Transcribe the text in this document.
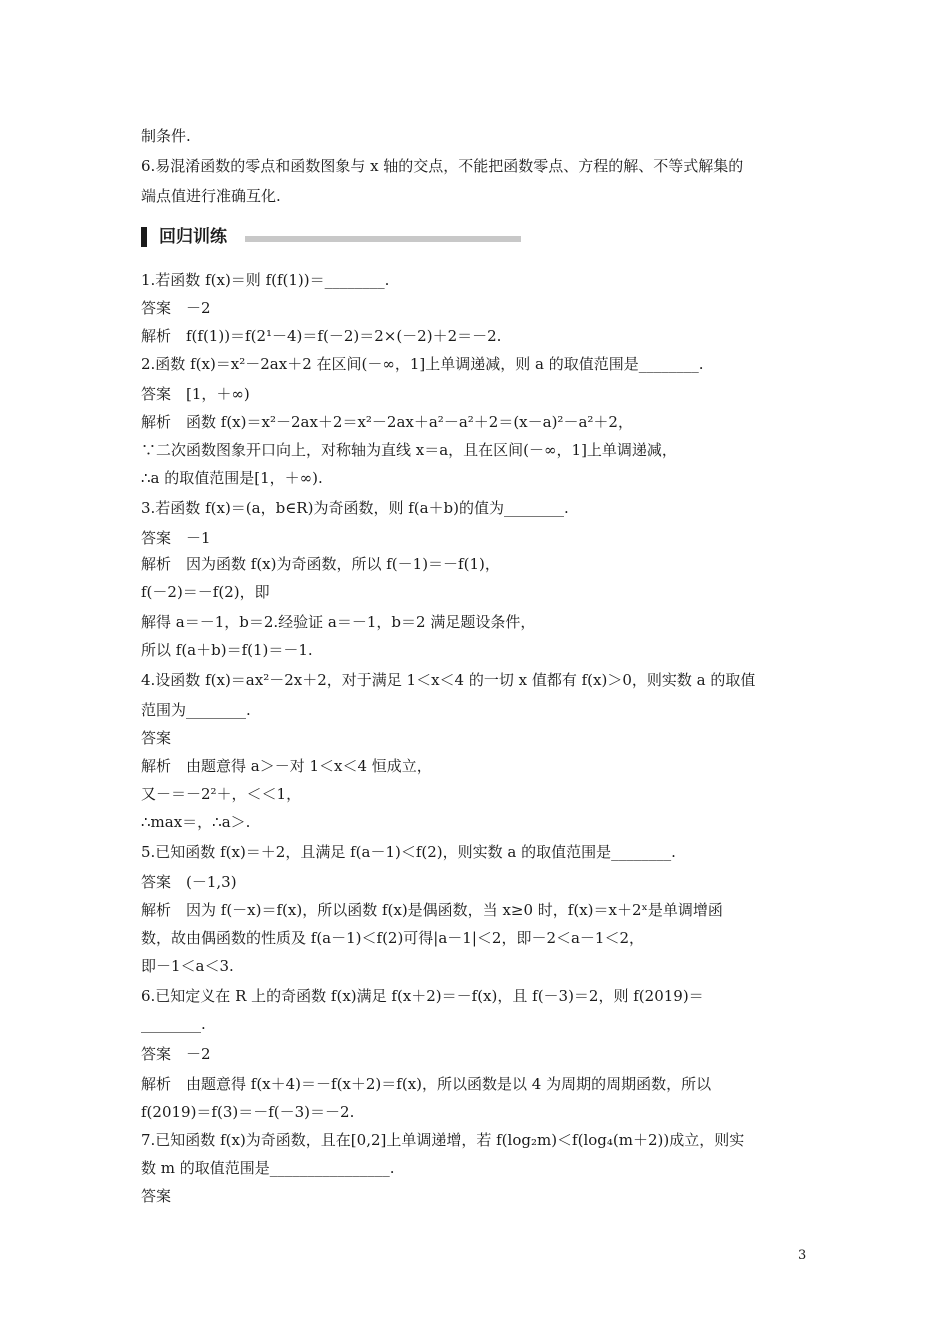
制条件.
6.易混淆函数的零点和函数图象与 x 轴的交点，不能把函数零点、方程的解、不等式解集的
端点值进行准确互化.
1.若函数 f(x)＝则 f(f(1))＝________.
答案　－2
解析　f(f(1))＝f(2¹－4)＝f(－2)＝2×(－2)＋2＝－2.
2.函数 f(x)＝x²－2ax＋2 在区间(－∞，1]上单调递减，则 a 的取值范围是________.
答案　[1，＋∞)
解析　函数 f(x)＝x²－2ax＋2＝x²－2ax＋a²－a²＋2＝(x－a)²－a²＋2，
∵二次函数图象开口向上，对称轴为直线 x＝a，且在区间(－∞，1]上单调递减，
∴a 的取值范围是[1，＋∞).
3.若函数 f(x)＝(a，b∈R)为奇函数，则 f(a＋b)的值为________.
答案　－1
解析　因为函数 f(x)为奇函数，所以 f(－1)＝－f(1)，
f(－2)＝－f(2)，即
解得 a＝－1，b＝2.经验证 a＝－1，b＝2 满足题设条件，
所以 f(a＋b)＝f(1)＝－1.
4.设函数 f(x)＝ax²－2x＋2，对于满足 1＜x＜4 的一切 x 值都有 f(x)＞0，则实数 a 的取值
范围为________.
答案
解析　由题意得 a＞－对 1＜x＜4 恒成立，
又－＝－2²＋，＜＜1，
∴max＝，∴a＞.
5.已知函数 f(x)＝＋2，且满足 f(a－1)＜f(2)，则实数 a 的取值范围是________.
答案　(－1,3)
解析　因为 f(－x)＝f(x)，所以函数 f(x)是偶函数，当 x≥0 时，f(x)＝x＋2ˣ是单调增函
数，故由偶函数的性质及 f(a－1)＜f(2)可得|a－1|＜2，即－2＜a－1＜2，
即－1＜a＜3.
6.已知定义在 R 上的奇函数 f(x)满足 f(x＋2)＝－f(x)，且 f(－3)＝2，则 f(2019)＝
________.
答案　－2
解析　由题意得 f(x＋4)＝－f(x＋2)＝f(x)，所以函数是以 4 为周期的周期函数，所以
f(2019)＝f(3)＝－f(－3)＝－2.
7.已知函数 f(x)为奇函数，且在[0,2]上单调递增，若 f(log₂m)＜f(log₄(m＋2))成立，则实
数 m 的取值范围是________________.
答案
回归训练
3
